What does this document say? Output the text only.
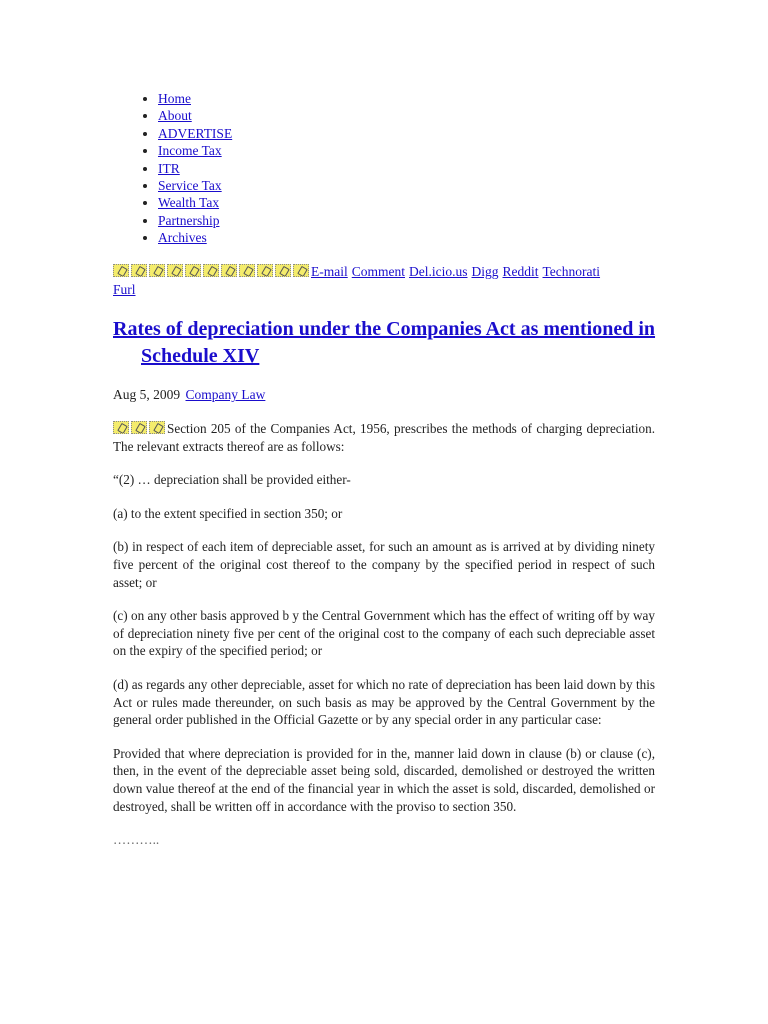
• Home
• About
• ADVERTISE
• Income Tax
• ITR
• Service Tax
• Wealth Tax
• Partnership
• Archives
E-mail Comment Del.icio.us Digg Reddit Technorati
Furl
Rates of depreciation under the Companies Act as mentioned in Schedule XIV
Aug 5, 2009 Company Law

Section 205 of the Companies Act, 1956, prescribes the methods of charging depreciation. The relevant extracts thereof are as follows:

“(2) … depreciation shall be provided either-

(a) to the extent specified in section 350; or

(b) in respect of each item of depreciable asset, for such an amount as is arrived at by dividing ninety five percent of the original cost thereof to the company by the specified period in respect of such asset; or

(c) on any other basis approved b y the Central Government which has the effect of writing off by way of depreciation ninety five per cent of the original cost to the company of each such depreciable asset on the expiry of the specified period; or

(d) as regards any other depreciable, asset for which no rate of depreciation has been laid down by this Act or rules made thereunder, on such basis as may be approved by the Central Government by the general order published in the Official Gazette or by any special order in any particular case:

Provided that where depreciation is provided for in the, manner laid down in clause (b) or clause (c), then, in the event of the depreciable asset being sold, discarded, demolished or destroyed the written down value thereof at the end of the financial year in which the asset is sold, discarded, demolished or destroyed, shall be written off in accordance with the proviso to section 350.

………..
